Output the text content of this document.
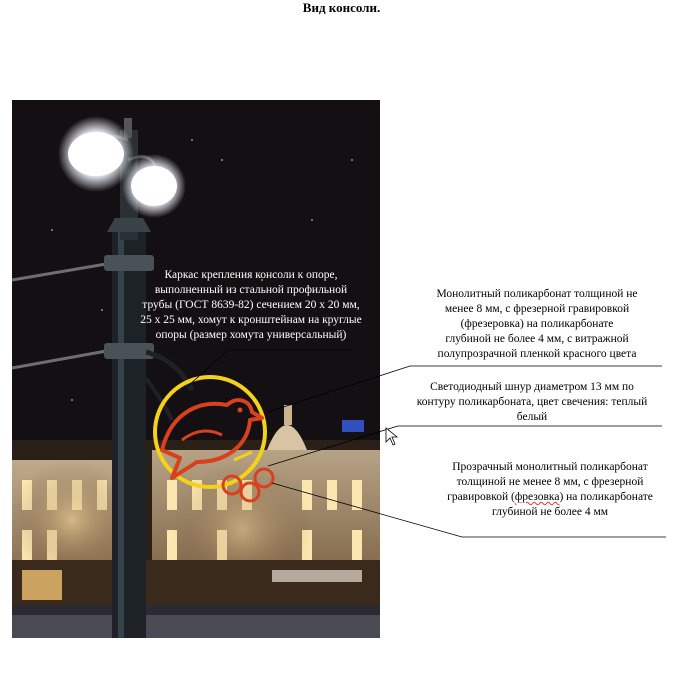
Вид консоли.
Каркас крепления консоли к опоре,
выполненный из стальной профильной
трубы (ГОСТ 8639-82) сечением 20 х 20 мм,
25 х 25 мм, хомут к кронштейнам на круглые
опоры (размер хомута универсальный)
Монолитный поликарбонат толщиной не
менее 8 мм, с фрезерной гравировкой
(фрезеровка) на поликарбонате
глубиной не более 4 мм, с витражной
полупрозрачной пленкой красного цвета
Светодиодный шнур диаметром 13 мм по
контуру поликарбоната, цвет свечения: теплый
белый
Прозрачный монолитный поликарбонат
толщиной не менее 8 мм, с фрезерной
гравировкой (фрезовка) на поликарбонате
глубиной не более 4 мм
